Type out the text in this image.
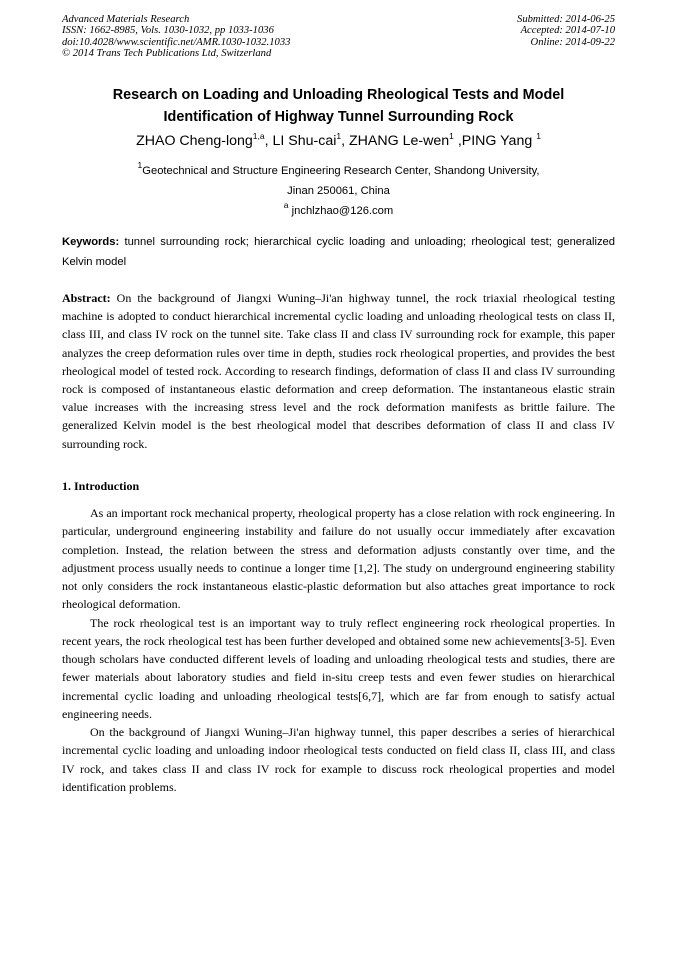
Advanced Materials Research
ISSN: 1662-8985, Vols. 1030-1032, pp 1033-1036
doi:10.4028/www.scientific.net/AMR.1030-1032.1033
© 2014 Trans Tech Publications Ltd, Switzerland
Submitted: 2014-06-25
Accepted: 2014-07-10
Online: 2014-09-22
Research on Loading and Unloading Rheological Tests and Model
Identification of Highway Tunnel Surrounding Rock
ZHAO Cheng-long$^{1,a}$, LI Shu-cai$^1$, ZHANG Le-wen$^1$ ,PING Yang $^1$
$^1$Geotechnical and Structure Engineering Research Center, Shandong University,
Jinan 250061, China
$^a$ jnchlzhao@126.com
Keywords: tunnel surrounding rock; hierarchical cyclic loading and unloading; rheological test; generalized Kelvin model
Abstract: On the background of Jiangxi Wuning–Ji'an highway tunnel, the rock triaxial rheological testing machine is adopted to conduct hierarchical incremental cyclic loading and unloading rheological tests on class II, class III, and class IV rock on the tunnel site. Take class II and class IV surrounding rock for example, this paper analyzes the creep deformation rules over time in depth, studies rock rheological properties, and provides the best rheological model of tested rock. According to research findings, deformation of class II and class IV surrounding rock is composed of instantaneous elastic deformation and creep deformation. The instantaneous elastic strain value increases with the increasing stress level and the rock deformation manifests as brittle failure. The generalized Kelvin model is the best rheological model that describes deformation of class II and class IV surrounding rock.
1. Introduction

As an important rock mechanical property, rheological property has a close relation with rock engineering. In particular, underground engineering instability and failure do not usually occur immediately after excavation completion. Instead, the relation between the stress and deformation adjusts constantly over time, and the adjustment process usually needs to continue a longer time [1,2]. The study on underground engineering stability not only considers the rock instantaneous elastic-plastic deformation but also attaches great importance to rock rheological deformation.

The rock rheological test is an important way to truly reflect engineering rock rheological properties. In recent years, the rock rheological test has been further developed and obtained some new achievements[3-5]. Even though scholars have conducted different levels of loading and unloading rheological tests and studies, there are fewer materials about laboratory studies and field in-situ creep tests and even fewer studies on hierarchical incremental cyclic loading and unloading rheological tests[6,7], which are far from enough to satisfy actual engineering needs.

On the background of Jiangxi Wuning–Ji'an highway tunnel, this paper describes a series of hierarchical incremental cyclic loading and unloading indoor rheological tests conducted on field class II, class III, and class IV rock, and takes class II and class IV rock for example to discuss rock rheological properties and model identification problems.
